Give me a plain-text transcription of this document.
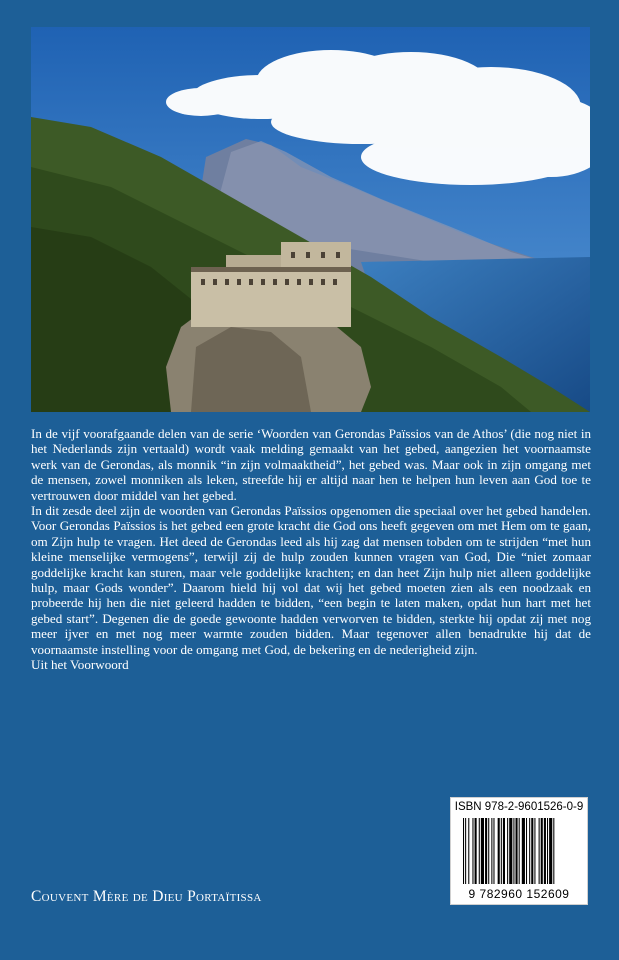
In de vijf voorafgaande delen van de serie ‘Woorden van Gerondas Païssios van de Athos’ (die nog niet in het Nederlands zijn vertaald) wordt vaak melding gemaakt van het gebed, aangezien het voornaamste werk van de Gerondas, als monnik “in zijn volmaaktheid”, het gebed was. Maar ook in zijn omgang met de mensen, zowel monniken als leken, streefde hij er altijd naar hen te helpen hun leven aan God toe te vertrouwen door middel van het gebed.

In dit zesde deel zijn de woorden van Gerondas Païssios opgenomen die speciaal over het gebed handelen. Voor Gerondas Païssios is het gebed een grote kracht die God ons heeft gegeven om met Hem om te gaan, om Zijn hulp te vragen. Het deed de Gerondas leed als hij zag dat mensen tobden om te strijden “met hun kleine menselijke vermogens”, terwijl zij de hulp zouden kunnen vragen van God, Die “niet zomaar goddelijke kracht kan sturen, maar vele goddelijke krachten; en dan heet Zijn hulp niet alleen goddelijke hulp, maar Gods wonder”. Daarom hield hij vol dat wij het gebed moeten zien als een noodzaak en probeerde hij hen die niet geleerd hadden te bidden, “een begin te laten maken, opdat hun hart met het gebed start”. Degenen die de goede gewoonte hadden verworven te bidden, sterkte hij opdat zij met nog meer ijver en met nog meer warmte zouden bidden. Maar tegenover allen benadrukte hij dat de voornaamste instelling voor de omgang met God, de bekering en de nederigheid zijn.

Uit het Voorwoord

ISBN 978-2-9601526-0-9
9 782960 152609
Couvent Mère de Dieu Portaïtissa
